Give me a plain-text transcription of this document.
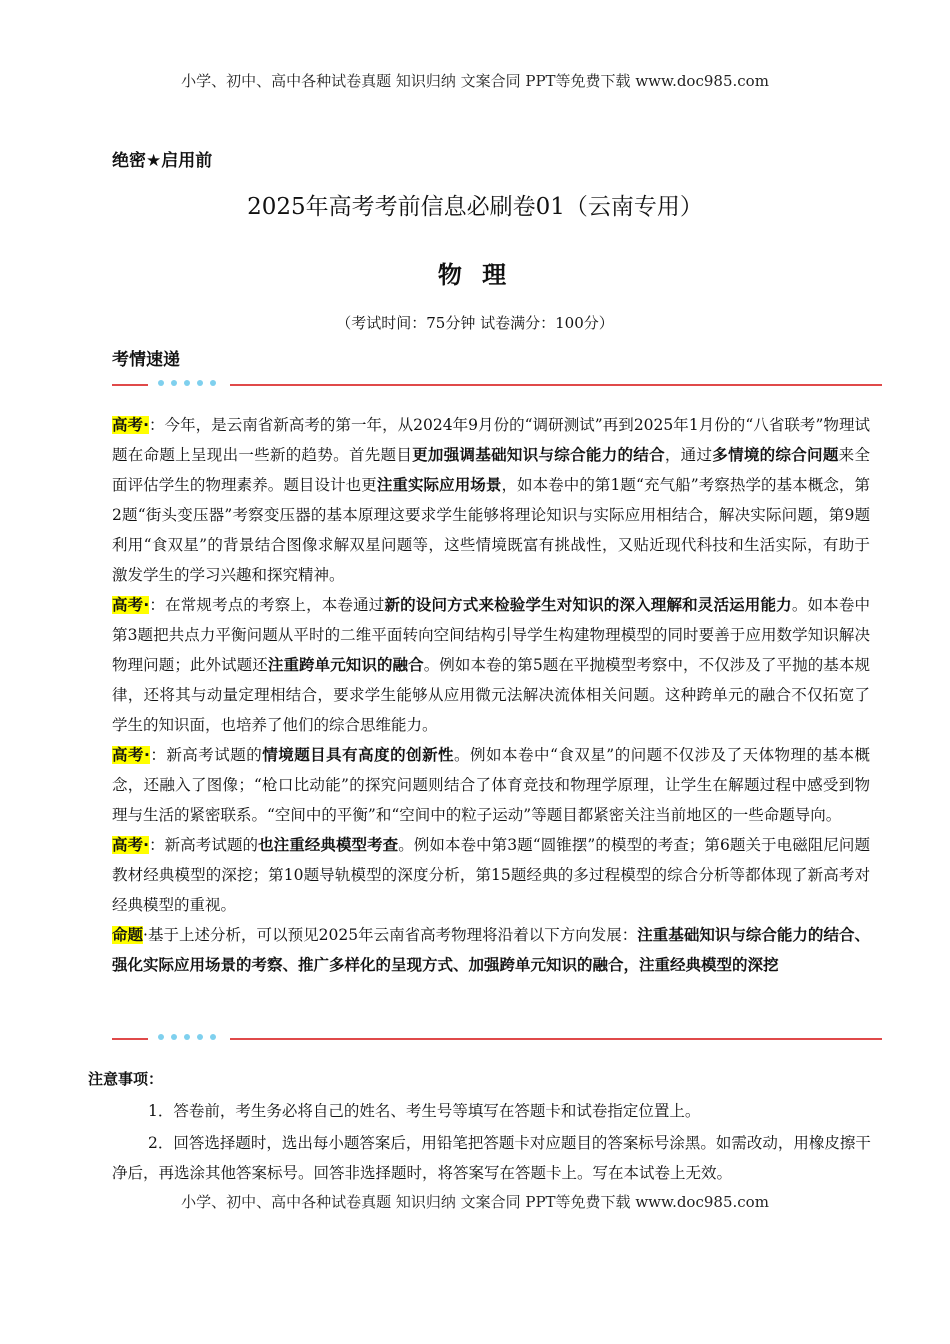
小学、初中、高中各种试卷真题 知识归纳 文案合同 PPT等免费下载 www.doc985.com
绝密★启用前
2025年高考考前信息必刷卷01（云南专用）
物 理
（考试时间：75分钟 试卷满分：100分）
考情速递

高考·：今年，是云南省新高考的第一年，从2024年9月份的“调研测试”再到2025年1月份的“八省联考”物理试题在命题上呈现出一些新的趋势。首先题目更加强调基础知识与综合能力的结合，通过多情境的综合问题来全面评估学生的物理素养。题目设计也更注重实际应用场景，如本卷中的第1题“充气船”考察热学的基本概念，第2题“街头变压器”考察变压器的基本原理这要求学生能够将理论知识与实际应用相结合，解决实际问题，第9题利用“食双星”的背景结合图像求解双星问题等，这些情境既富有挑战性，又贴近现代科技和生活实际，有助于激发学生的学习兴趣和探究精神。

高考·：在常规考点的考察上，本卷通过新的设问方式来检验学生对知识的深入理解和灵活运用能力。如本卷中第3题把共点力平衡问题从平时的二维平面转向空间结构引导学生构建物理模型的同时要善于应用数学知识解决物理问题；此外试题还注重跨单元知识的融合。例如本卷的第5题在平抛模型考察中，不仅涉及了平抛的基本规律，还将其与动量定理相结合，要求学生能够从应用微元法解决流体相关问题。这种跨单元的融合不仅拓宽了学生的知识面，也培养了他们的综合思维能力。

高考·：新高考试题的情境题目具有高度的创新性。例如本卷中“食双星”的问题不仅涉及了天体物理的基本概念，还融入了图像；“枪口比动能”的探究问题则结合了体育竞技和物理学原理，让学生在解题过程中感受到物理与生活的紧密联系。“空间中的平衡”和“空间中的粒子运动”等题目都紧密关注当前地区的一些命题导向。

高考·：新高考试题的也注重经典模型考查。例如本卷中第3题“圆锥摆”的模型的考查；第6题关于电磁阻尼问题教材经典模型的深挖；第10题导轨模型的深度分析，第15题经典的多过程模型的综合分析等都体现了新高考对经典模型的重视。

命题·基于上述分析，可以预见2025年云南省高考物理将沿着以下方向发展：注重基础知识与综合能力的结合、强化实际应用场景的考察、推广多样化的呈现方式、加强跨单元知识的融合，注重经典模型的深挖

注意事项：

1．答卷前，考生务必将自己的姓名、考生号等填写在答题卡和试卷指定位置上。

2．回答选择题时，选出每小题答案后，用铅笔把答题卡对应题目的答案标号涂黑。如需改动，用橡皮擦干净后，再选涂其他答案标号。回答非选择题时，将答案写在答题卡上。写在本试卷上无效。

小学、初中、高中各种试卷真题 知识归纳 文案合同 PPT等免费下载 www.doc985.com
